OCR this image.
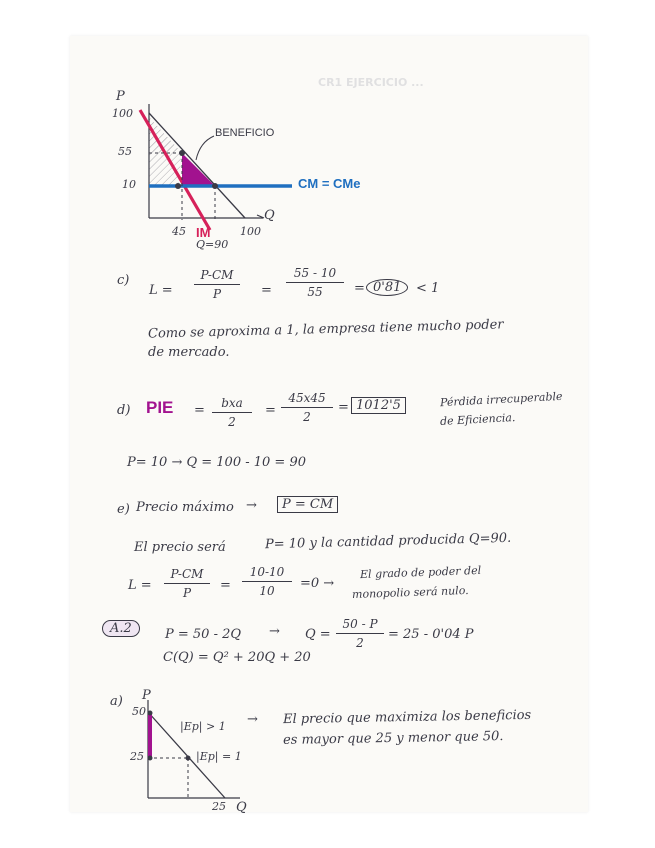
CR1 EJERCICIO ...
P
100
55
10
45	100
Q
IM
Q=90
BENEFICIO
CM = CMe
c)
$L = \frac{P-CM}{P} = \frac{55 - 10}{55} = 0'81$	< 1
Como se aproxima a 1, la empresa tiene mucho poder
de mercado.
d) PIE =	bxa
2
= $\frac{45x45}{2} = 1012'5$	Pérdida irrecuperable
de Eficiencia.
P= 10 → Q = 100 - 10 = 90
e) Precio máximo →	P = CM
El precio será	P= 10 y la cantidad producida Q=90.
$L = \frac{P-CM}{P} = \frac{10-10}{10} =0$ →
El grado de poder del
monopolio será nulo.
A.2	$P = 50 - 2Q \to Q = \frac{50 - P}{2} = 25 - 0'04$ P
C(Q) = Q² + 20Q + 20
a) P
50
25
25 Q
|Ep| > 1
|Ep| = 1
→ El precio que maximiza los beneficios
es mayor que 25 y menor que 50.
